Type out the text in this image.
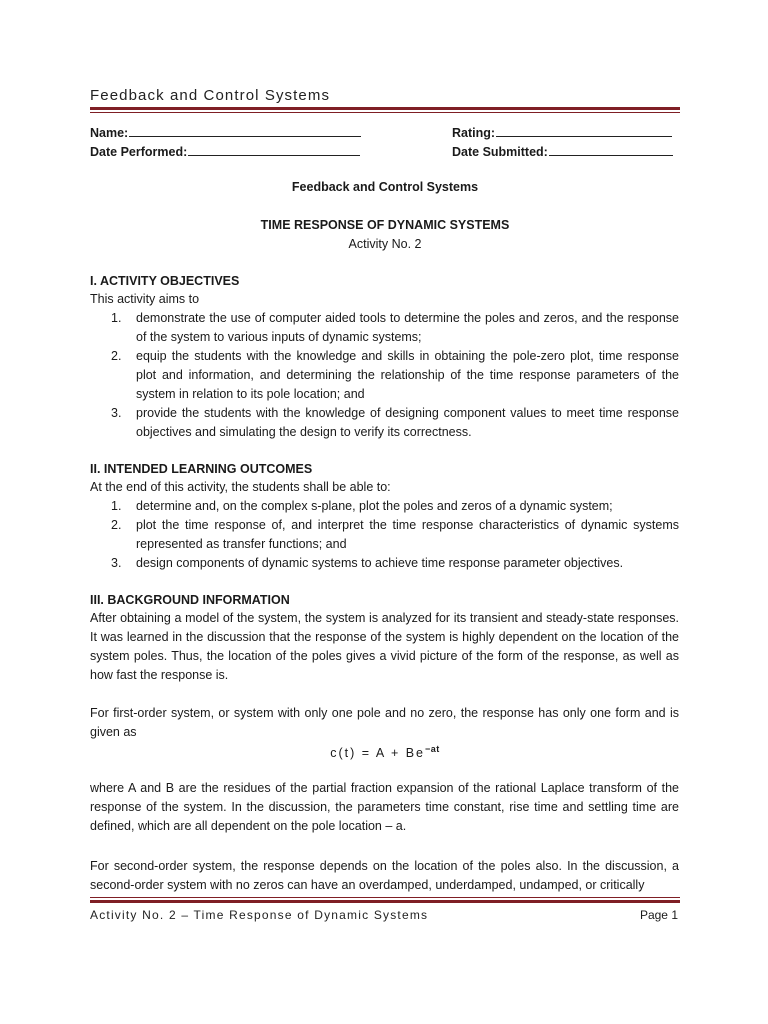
Feedback and Control Systems
Name:	Rating:
Date Performed:	Date Submitted:
Feedback and Control Systems
TIME RESPONSE OF DYNAMIC SYSTEMS
Activity No. 2
I. ACTIVITY OBJECTIVES

This activity aims to

1. demonstrate the use of computer aided tools to determine the poles and zeros, and the response of the system to various inputs of dynamic systems;
2. equip the students with the knowledge and skills in obtaining the pole-zero plot, time response plot and information, and determining the relationship of the time response parameters of the system in relation to its pole location; and
3. provide the students with the knowledge of designing component values to meet time response objectives and simulating the design to verify its correctness.
II. INTENDED LEARNING OUTCOMES

At the end of this activity, the students shall be able to:

1. determine and, on the complex s-plane, plot the poles and zeros of a dynamic system;
2. plot the time response of, and interpret the time response characteristics of dynamic systems represented as transfer functions; and
3. design components of dynamic systems to achieve time response parameter objectives.
III. BACKGROUND INFORMATION

After obtaining a model of the system, the system is analyzed for its transient and steady-state responses. It was learned in the discussion that the response of the system is highly dependent on the location of the system poles. Thus, the location of the poles gives a vivid picture of the form of the response, as well as how fast the response is.

For first-order system, or system with only one pole and no zero, the response has only one form and is given as

$c(t) = A + Be^{-at}$

where A and B are the residues of the partial fraction expansion of the rational Laplace transform of the response of the system. In the discussion, the parameters time constant, rise time and settling time are defined, which are all dependent on the pole location – a.

For second-order system, the response depends on the location of the poles also. In the discussion, a second-order system with no zeros can have an overdamped, underdamped, undamped, or critically

Activity No. 2 – Time Response of Dynamic Systems	Page 1
